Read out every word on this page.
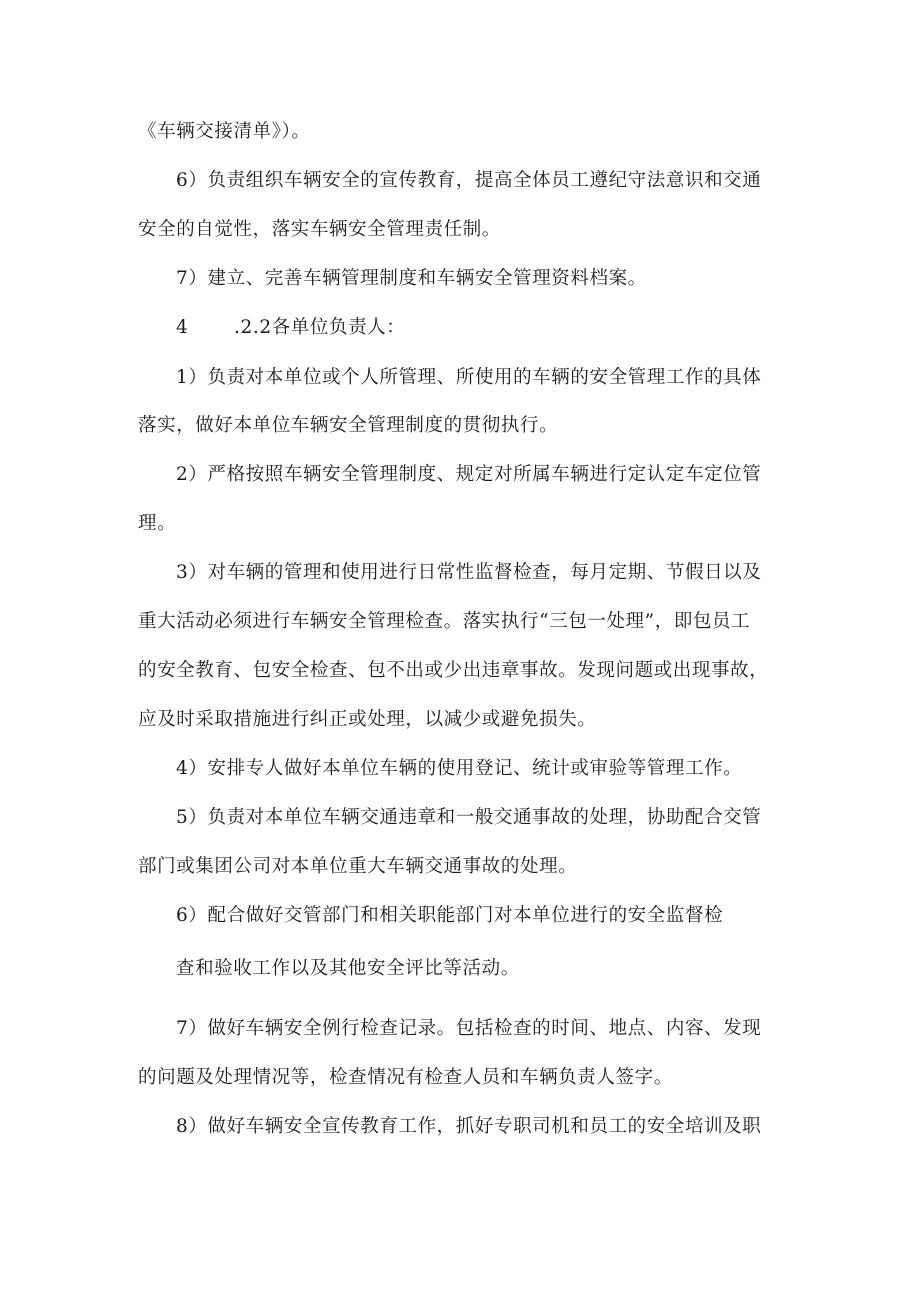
《车辆交接清单》）。
6）负责组织车辆安全的宣传教育，提高全体员工遵纪守法意识和交通
安全的自觉性，落实车辆安全管理责任制。
7）建立、完善车辆管理制度和车辆安全管理资料档案。
4 .2.2各单位负责人：
1）负责对本单位或个人所管理、所使用的车辆的安全管理工作的具体
落实，做好本单位车辆安全管理制度的贯彻执行。
2）严格按照车辆安全管理制度、规定对所属车辆进行定认定车定位管
理。
3）对车辆的管理和使用进行日常性监督检查，每月定期、节假日以及
重大活动必须进行车辆安全管理检查。落实执行“三包一处理”，即包员工
的安全教育、包安全检查、包不出或少出违章事故。发现问题或出现事故，
应及时采取措施进行纠正或处理，以减少或避免损失。
4）安排专人做好本单位车辆的使用登记、统计或审验等管理工作。
5）负责对本单位车辆交通违章和一般交通事故的处理，协助配合交管
部门或集团公司对本单位重大车辆交通事故的处理。
6）配合做好交管部门和相关职能部门对本单位进行的安全监督检
查和验收工作以及其他安全评比等活动。
7）做好车辆安全例行检查记录。包括检查的时间、地点、内容、发现
的问题及处理情况等，检查情况有检查人员和车辆负责人签字。
8）做好车辆安全宣传教育工作，抓好专职司机和员工的安全培训及职
